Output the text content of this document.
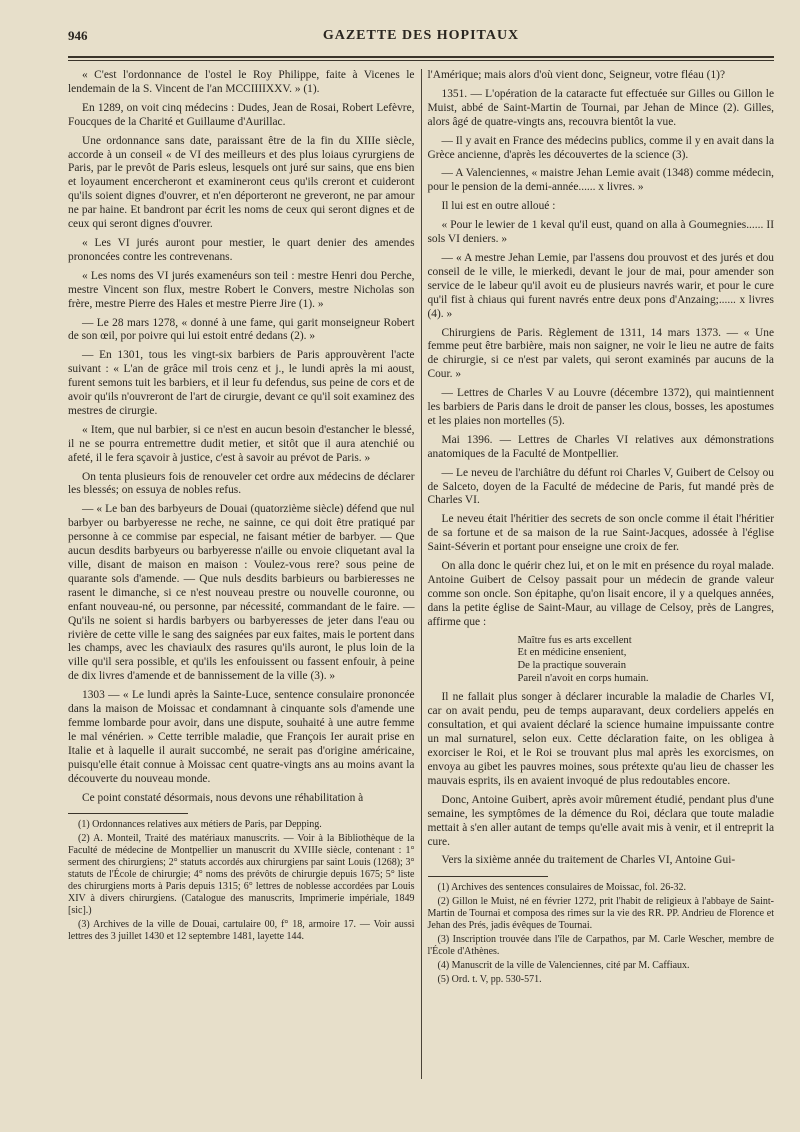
946	GAZETTE DES HOPITAUX

« C'est l'ordonnance de l'ostel le Roy Philippe, faite à Vicenes le lendemain de la S. Vincent de l'an MCCIIIIXXV. » (1).

En 1289, on voit cinq médecins : Dudes, Jean de Rosai, Robert Lefèvre, Foucques de la Charité et Guillaume d'Aurillac.

Une ordonnance sans date, paraissant être de la fin du XIIIe siècle, accorde à un conseil « de VI des meilleurs et des plus loiaus cyrurgiens de Paris, par le prevôt de Paris esleus, lesquels ont juré sur sains, que ens bien et loyaument encercheront et examineront ceus qu'ils creront et cuideront qu'ils soient dignes d'ouvrer, et n'en déporteront ne greveront, ne par amour ne par haine. Et bandront par écrit les noms de ceux qui seront dignes et de ceux qui seront dignes d'ouvrer.

« Les VI jurés auront pour mestier, le quart denier des amendes prononcées contre les contrevenans.

« Les noms des VI jurés examenéurs son teil : mestre Henri dou Perche, mestre Vincent son flux, mestre Robert le Convers, mestre Nicholas son frère, mestre Pierre des Hales et mestre Pierre Jire (1). »

— Le 28 mars 1278, « donné à une fame, qui garit monseigneur Robert de son œil, por poivre qui lui estoit entré dedans (2). »

— En 1301, tous les vingt-six barbiers de Paris approuvèrent l'acte suivant : « L'an de grâce mil trois cenz et j., le lundi après la mi aoust, furent semons tuit les barbiers, et il leur fu defendus, sus peine de cors et de avoir qu'ils n'ouvreront de l'art de cirurgie, devant ce qu'il soit examinez des mestres de cirurgie.

« Item, que nul barbier, si ce n'est en aucun besoin d'estancher le blessé, il ne se pourra entremettre dudit metier, et sitôt que il aura atenchié ou afeté, il le fera sçavoir à justice, c'est à savoir au prévot de Paris. »

On tenta plusieurs fois de renouveler cet ordre aux médecins de déclarer les blessés; on essuya de nobles refus.

— « Le ban des barbyeurs de Douai (quatorzième siècle) défend que nul barbyer ou barbyeresse ne reche, ne sainne, ce qui doit être pratiqué par personne à ce commise par especial, ne faisant métier de barbyer. — Que aucun desdits barbyeurs ou barbyeresse n'aille ou envoie cliquetant aval la ville, disant de maison en maison : Voulez-vous rere? sous peine de quarante sols d'amende. — Que nuls desdits barbieurs ou barbieresses ne rasent le dimanche, si ce n'est nouveau prestre ou nouvelle couronne, ou enfant nouveau-né, ou personne, par nécessité, commandant de le faire. — Qu'ils ne soient si hardis barbyers ou barbyeresses de jeter dans l'eau ou rivière de cette ville le sang des saignées par eux faites, mais le portent dans les champs, avec les chaviaulx des rasures qu'ils auront, le plus loin de la ville qu'il sera possible, et qu'ils les enfouissent ou fassent enfouir, à peine de dix livres d'amende et de bannissement de la ville (3). »

1303 — « Le lundi après la Sainte-Luce, sentence consulaire prononcée dans la maison de Moissac et condamnant à cinquante sols d'amende une femme lombarde pour avoir, dans une dispute, souhaité à une autre femme le mal vénérien. » Cette terrible maladie, que François Ier aurait prise en Italie et à laquelle il aurait succombé, ne serait pas d'origine américaine, puisqu'elle était connue à Moissac cent quatre-vingts ans au moins avant la découverte du nouveau monde.

Ce point constaté désormais, nous devons une réhabilitation à

(1) Ordonnances relatives aux métiers de Paris, par Depping.
(2) A. Monteil, Traité des matériaux manuscrits. — Voir à la Bibliothèque de la Faculté de médecine de Montpellier un manuscrit du XVIIIe siècle, contenant : 1° serment des chirurgiens; 2° statuts accordés aux chirurgiens par saint Louis (1268); 3° statuts de l'École de chirurgie; 4° noms des prévôts de chirurgie depuis 1675; 5° liste des chirurgiens morts à Paris depuis 1315; 6° lettres de noblesse accordées par Louis XIV à divers chirurgiens. (Catalogue des manuscrits, Imprimerie impériale, 1849 [sic].)
(3) Archives de la ville de Douai, cartulaire 00, f° 18, armoire 17. — Voir aussi lettres des 3 juillet 1430 et 12 septembre 1481, layette 144.

l'Amérique; mais alors d'où vient donc, Seigneur, votre fléau (1)?

1351. — L'opération de la cataracte fut effectuée sur Gilles ou Gillon le Muist, abbé de Saint-Martin de Tournai, par Jehan de Mince (2). Gilles, alors âgé de quatre-vingts ans, recouvra bientôt la vue.

— Il y avait en France des médecins publics, comme il y en avait dans la Grèce ancienne, d'après les découvertes de la science (3).

— A Valenciennes, « maistre Jehan Lemie avait (1348) comme médecin, pour le pension de la demi-année...... x livres. »

Il lui est en outre alloué :

« Pour le lewier de 1 keval qu'il eust, quand on alla à Goumegnies...... II sols VI deniers. »

— « A mestre Jehan Lemie, par l'assens dou prouvost et des jurés et dou conseil de le ville, le mierkedi, devant le jour de mai, pour amender son service de le labeur qu'il avoit eu de plusieurs navrés warir, et pour le cure qu'il fist à chiaus qui furent navrés entre deux pons d'Anzaing;...... x livres (4). »

Chirurgiens de Paris. Règlement de 1311, 14 mars 1373. — « Une femme peut être barbière, mais non saigner, ne voir le lieu ne autre de faits de chirurgie, si ce n'est par valets, qui seront examinés par aucuns de la Cour. »

— Lettres de Charles V au Louvre (décembre 1372), qui maintiennent les barbiers de Paris dans le droit de panser les clous, bosses, les apostumes et les plaies non mortelles (5).

Mai 1396. — Lettres de Charles VI relatives aux démonstrations anatomiques de la Faculté de Montpellier.

— Le neveu de l'archiâtre du défunt roi Charles V, Guibert de Celsoy ou de Salceto, doyen de la Faculté de médecine de Paris, fut mandé près de Charles VI.

Le neveu était l'héritier des secrets de son oncle comme il était l'héritier de sa fortune et de sa maison de la rue Saint-Jacques, adossée à l'église Saint-Séverin et portant pour enseigne une croix de fer.

On alla donc le quérir chez lui, et on le mit en présence du royal malade. Antoine Guibert de Celsoy passait pour un médecin de grande valeur comme son oncle. Son épitaphe, qu'on lisait encore, il y a quelques années, dans la petite église de Saint-Maur, au village de Celsoy, près de Langres, affirme que :

Maître fus es arts excellent
Et en médicine ensenient,
De la practique souverain
Pareil n'avoit en corps humain.

Il ne fallait plus songer à déclarer incurable la maladie de Charles VI, car on avait pendu, peu de temps auparavant, deux cordeliers appelés en consultation, et qui avaient déclaré la science humaine impuissante contre un mal surnaturel, selon eux. Cette déclaration faite, on les obligea à exorciser le Roi, et le Roi se trouvant plus mal après les exorcismes, on envoya au gibet les pauvres moines, sous prétexte qu'au lieu de chasser les mauvais esprits, ils en avaient invoqué de plus redoutables encore.

Donc, Antoine Guibert, après avoir mûrement étudié, pendant plus d'une semaine, les symptômes de la démence du Roi, déclara que toute maladie mettait à s'en aller autant de temps qu'elle avait mis à venir, et il entreprit la cure.

Vers la sixième année du traitement de Charles VI, Antoine Gui-

(1) Archives des sentences consulaires de Moissac, fol. 26-32.
(2) Gillon le Muist, né en février 1272, prit l'habit de religieux à l'abbaye de Saint-Martin de Tournai et composa des rimes sur la vie des RR. PP. Andrieu de Florence et Jehan des Prés, jadis évêques de Tournai.
(3) Inscription trouvée dans l'île de Carpathos, par M. Carle Wescher, membre de l'École d'Athènes.
(4) Manuscrit de la ville de Valenciennes, cité par M. Caffiaux.
(5) Ord. t. V, pp. 530-571.
